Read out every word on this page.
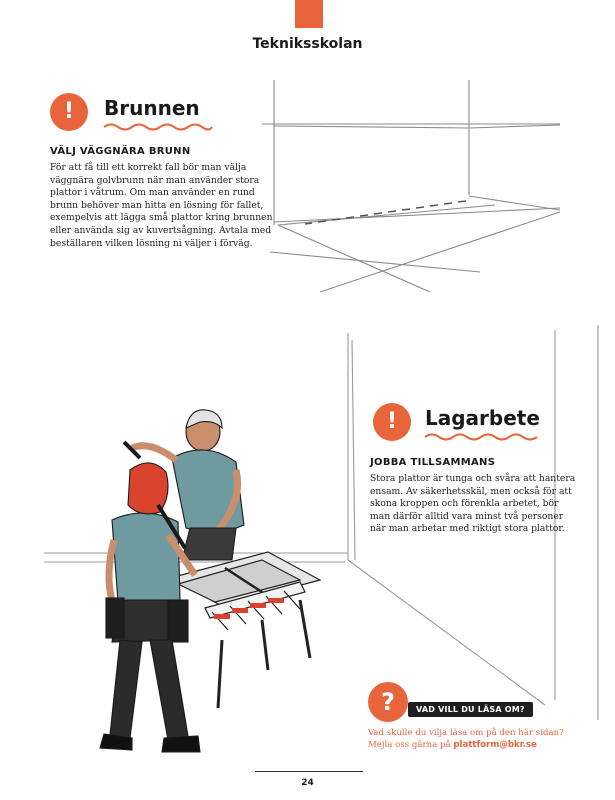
Tekniksskolan
!	Brunnen
VÄLJ VÄGGNÄRA BRUNN
För att få till ett korrekt fall bör man välja
väggnära golvbrunn när man använder stora
plattor i våtrum. Om man använder en rund
brunn behöver man hitta en lösning för fallet,
exempelvis att lägga små plattor kring brunnen
eller använda sig av kuvertsågning. Avtala med
beställaren vilken lösning ni väljer i förväg.
!	Lagarbete
JOBBA TILLSAMMANS
Stora plattor är tunga och svåra att hantera
ensam. Av säkerhetsskäl, men också för att
skona kroppen och förenkla arbetet, bör
man därför alltid vara minst två personer
när man arbetar med riktigt stora plattor.
?	VAD VILL DU LÄSA OM?
Vad skulle du vilja läsa om på den här sidan?
Mejla oss gärna på plattform@bkr.se
24
